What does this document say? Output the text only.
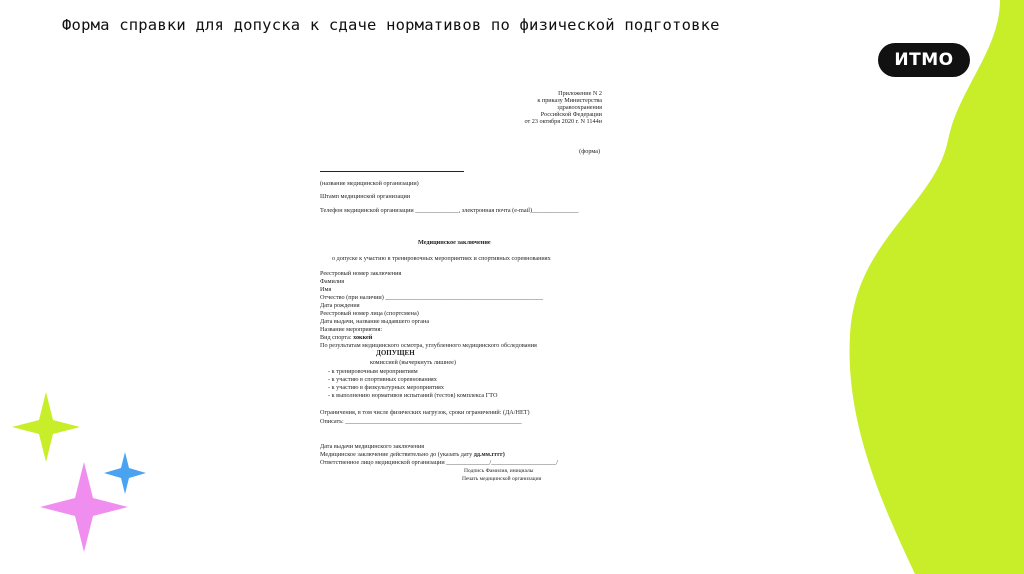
Форма справки для допуска к сдаче нормативов по физической подготовке
ИТМО
Приложение N 2
к приказу Министерства
здравоохранения
Российской Федерации
от 23 октября 2020 г. N 1144н
(форма)
(название медицинской организации)
Штамп медицинской организации
Телефон медицинской организации ______________, электронная почта (e-mail)_______________
Медицинское заключение
о допуске к участию в тренировочных мероприятиях и спортивных соревнованиях
Реестровый номер заключения
Фамилия
Имя
Отчество (при наличии) ___________________________________________________
Дата рождения
Реестровый номер лица (спортсмена)
Дата выдачи, название выдавшего органа
Название мероприятия:
Вид спорта: хоккей
По результатам медицинского осмотра, углубленного медицинского обследования
ДОПУЩЕН
комиссией (вычеркнуть лишнее)
- к тренировочным мероприятиям
- к участию в спортивных соревнованиях
- к участию в физкультурных мероприятиях
- к выполнению нормативов испытаний (тестов) комплекса ГТО
Ограничения, в том числе физических нагрузок, сроки ограничений: (ДА/НЕТ)
Описать: _________________________________________________________
Дата выдачи медицинского заключения
Медицинское заключение действительно до (указать дату дд.мм.гггг)
Ответственное лицо медицинской организации ______________/_____________________/
Подпись Фамилия, инициалы
Печать медицинской организации
